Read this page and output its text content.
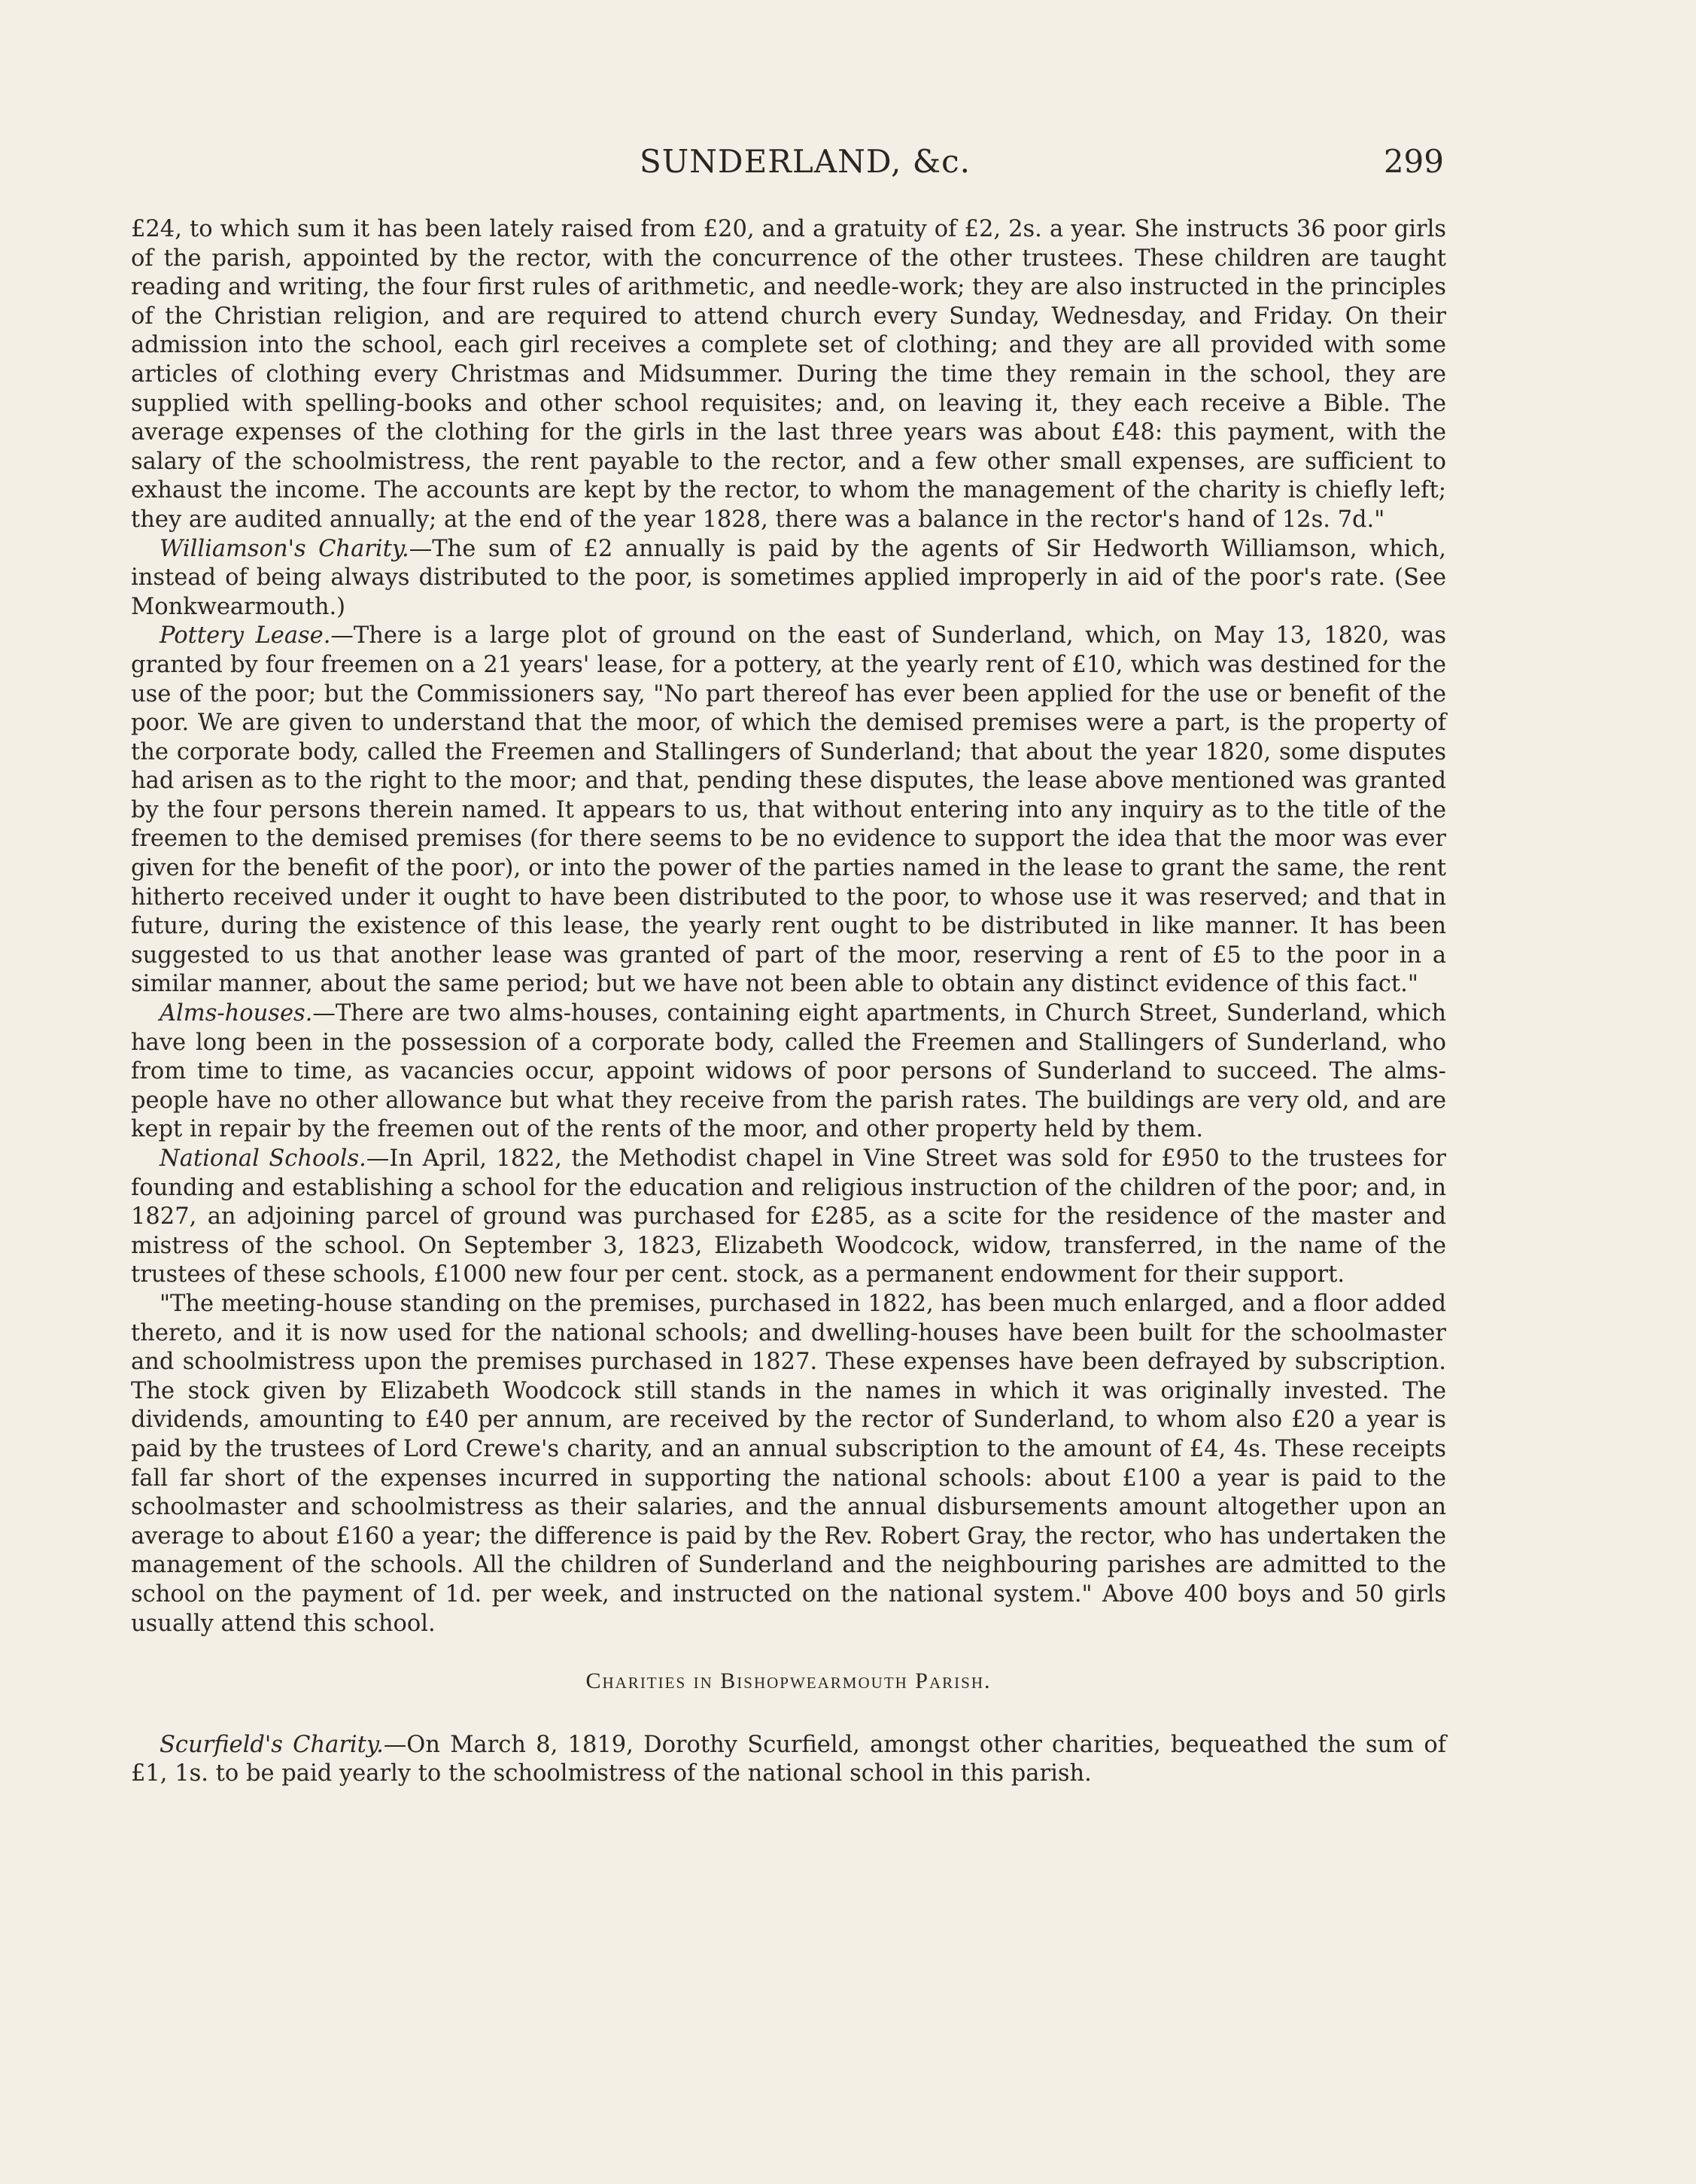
SUNDERLAND, &c.	299

£24, to which sum it has been lately raised from £20, and a gratuity of £2, 2s. a year. She instructs 36 poor girls of the parish, appointed by the rector, with the concurrence of the other trustees. These children are taught reading and writing, the four first rules of arithmetic, and needle-work; they are also instructed in the principles of the Christian religion, and are required to attend church every Sunday, Wednesday, and Friday. On their admission into the school, each girl receives a complete set of clothing; and they are all provided with some articles of clothing every Christmas and Midsummer. During the time they remain in the school, they are supplied with spelling-books and other school requisites; and, on leaving it, they each receive a Bible. The average expenses of the clothing for the girls in the last three years was about £48: this payment, with the salary of the schoolmistress, the rent payable to the rector, and a few other small expenses, are sufficient to exhaust the income. The accounts are kept by the rector, to whom the management of the charity is chiefly left; they are audited annually; at the end of the year 1828, there was a balance in the rector's hand of 12s. 7d."

Williamson's Charity.—The sum of £2 annually is paid by the agents of Sir Hedworth Williamson, which, instead of being always distributed to the poor, is sometimes applied improperly in aid of the poor's rate. (See Monkwearmouth.)

Pottery Lease.—There is a large plot of ground on the east of Sunderland, which, on May 13, 1820, was granted by four freemen on a 21 years' lease, for a pottery, at the yearly rent of £10, which was destined for the use of the poor; but the Commissioners say, "No part thereof has ever been applied for the use or benefit of the poor. We are given to understand that the moor, of which the demised premises were a part, is the property of the corporate body, called the Freemen and Stallingers of Sunderland; that about the year 1820, some disputes had arisen as to the right to the moor; and that, pending these disputes, the lease above mentioned was granted by the four persons therein named. It appears to us, that without entering into any inquiry as to the title of the freemen to the demised premises (for there seems to be no evidence to support the idea that the moor was ever given for the benefit of the poor), or into the power of the parties named in the lease to grant the same, the rent hitherto received under it ought to have been distributed to the poor, to whose use it was reserved; and that in future, during the existence of this lease, the yearly rent ought to be distributed in like manner. It has been suggested to us that another lease was granted of part of the moor, reserving a rent of £5 to the poor in a similar manner, about the same period; but we have not been able to obtain any distinct evidence of this fact."

Alms-houses.—There are two alms-houses, containing eight apartments, in Church Street, Sunderland, which have long been in the possession of a corporate body, called the Freemen and Stallingers of Sunderland, who from time to time, as vacancies occur, appoint widows of poor persons of Sunderland to succeed. The alms-people have no other allowance but what they receive from the parish rates. The buildings are very old, and are kept in repair by the freemen out of the rents of the moor, and other property held by them.

National Schools.—In April, 1822, the Methodist chapel in Vine Street was sold for £950 to the trustees for founding and establishing a school for the education and religious instruction of the children of the poor; and, in 1827, an adjoining parcel of ground was purchased for £285, as a scite for the residence of the master and mistress of the school. On September 3, 1823, Elizabeth Woodcock, widow, transferred, in the name of the trustees of these schools, £1000 new four per cent. stock, as a permanent endowment for their support.

"The meeting-house standing on the premises, purchased in 1822, has been much enlarged, and a floor added thereto, and it is now used for the national schools; and dwelling-houses have been built for the schoolmaster and schoolmistress upon the premises purchased in 1827. These expenses have been defrayed by subscription. The stock given by Elizabeth Woodcock still stands in the names in which it was originally invested. The dividends, amounting to £40 per annum, are received by the rector of Sunderland, to whom also £20 a year is paid by the trustees of Lord Crewe's charity, and an annual subscription to the amount of £4, 4s. These receipts fall far short of the expenses incurred in supporting the national schools: about £100 a year is paid to the schoolmaster and schoolmistress as their salaries, and the annual disbursements amount altogether upon an average to about £160 a year; the difference is paid by the Rev. Robert Gray, the rector, who has undertaken the management of the schools. All the children of Sunderland and the neighbouring parishes are admitted to the school on the payment of 1d. per week, and instructed on the national system." Above 400 boys and 50 girls usually attend this school.

Charities in Bishopwearmouth Parish.

Scurfield's Charity.—On March 8, 1819, Dorothy Scurfield, amongst other charities, bequeathed the sum of £1, 1s. to be paid yearly to the schoolmistress of the national school in this parish.
